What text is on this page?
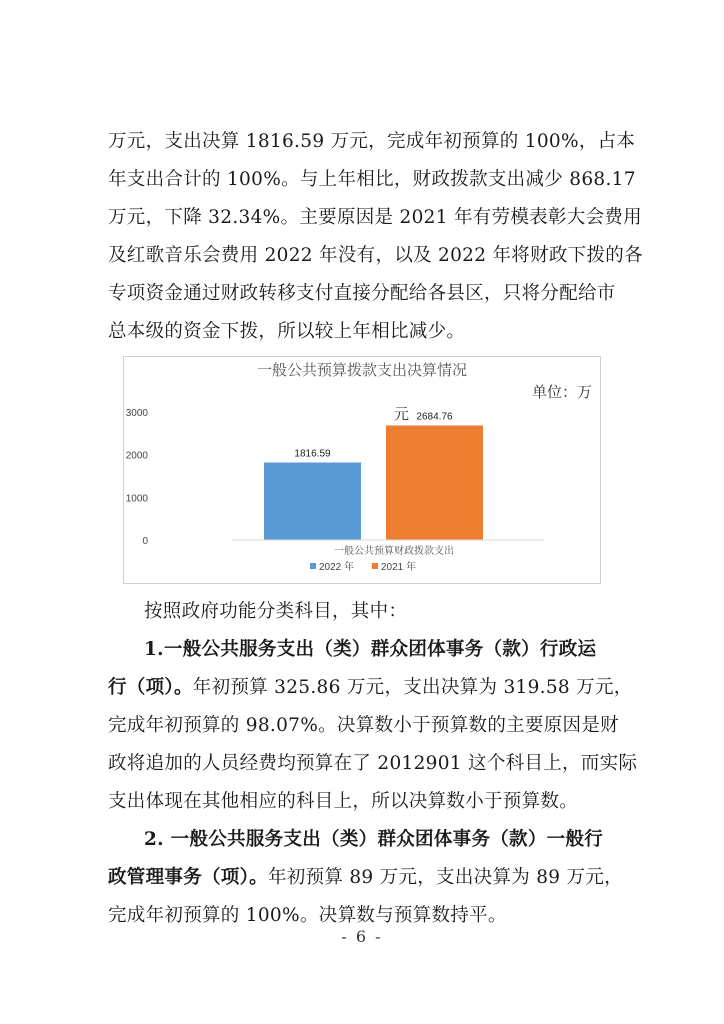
万元，支出决算 1816.59 万元，完成年初预算的 100%，占本
年支出合计的 100%。与上年相比，财政拨款支出减少 868.17
万元，下降 32.34%。主要原因是 2021 年有劳模表彰大会费用
及红歌音乐会费用 2022 年没有，以及 2022 年将财政下拨的各
专项资金通过财政转移支付直接分配给各县区，只将分配给市
总本级的资金下拨，所以较上年相比减少。
一般公共预算拨款支出决算情况
单位：万
元
0
1000
2000
3000
1816.59
2684.76
一般公共预算财政拨款支出
2022 年	2021 年
按照政府功能分类科目，其中：
1.一般公共服务支出（类）群众团体事务（款）行政运
行（项）。年初预算 325.86 万元，支出决算为 319.58 万元，
完成年初预算的 98.07%。决算数小于预算数的主要原因是财
政将追加的人员经费均预算在了 2012901 这个科目上，而实际
支出体现在其他相应的科目上，所以决算数小于预算数。
2. 一般公共服务支出（类）群众团体事务（款）一般行
政管理事务（项）。年初预算 89 万元，支出决算为 89 万元，
完成年初预算的 100%。决算数与预算数持平。
- 6 -
